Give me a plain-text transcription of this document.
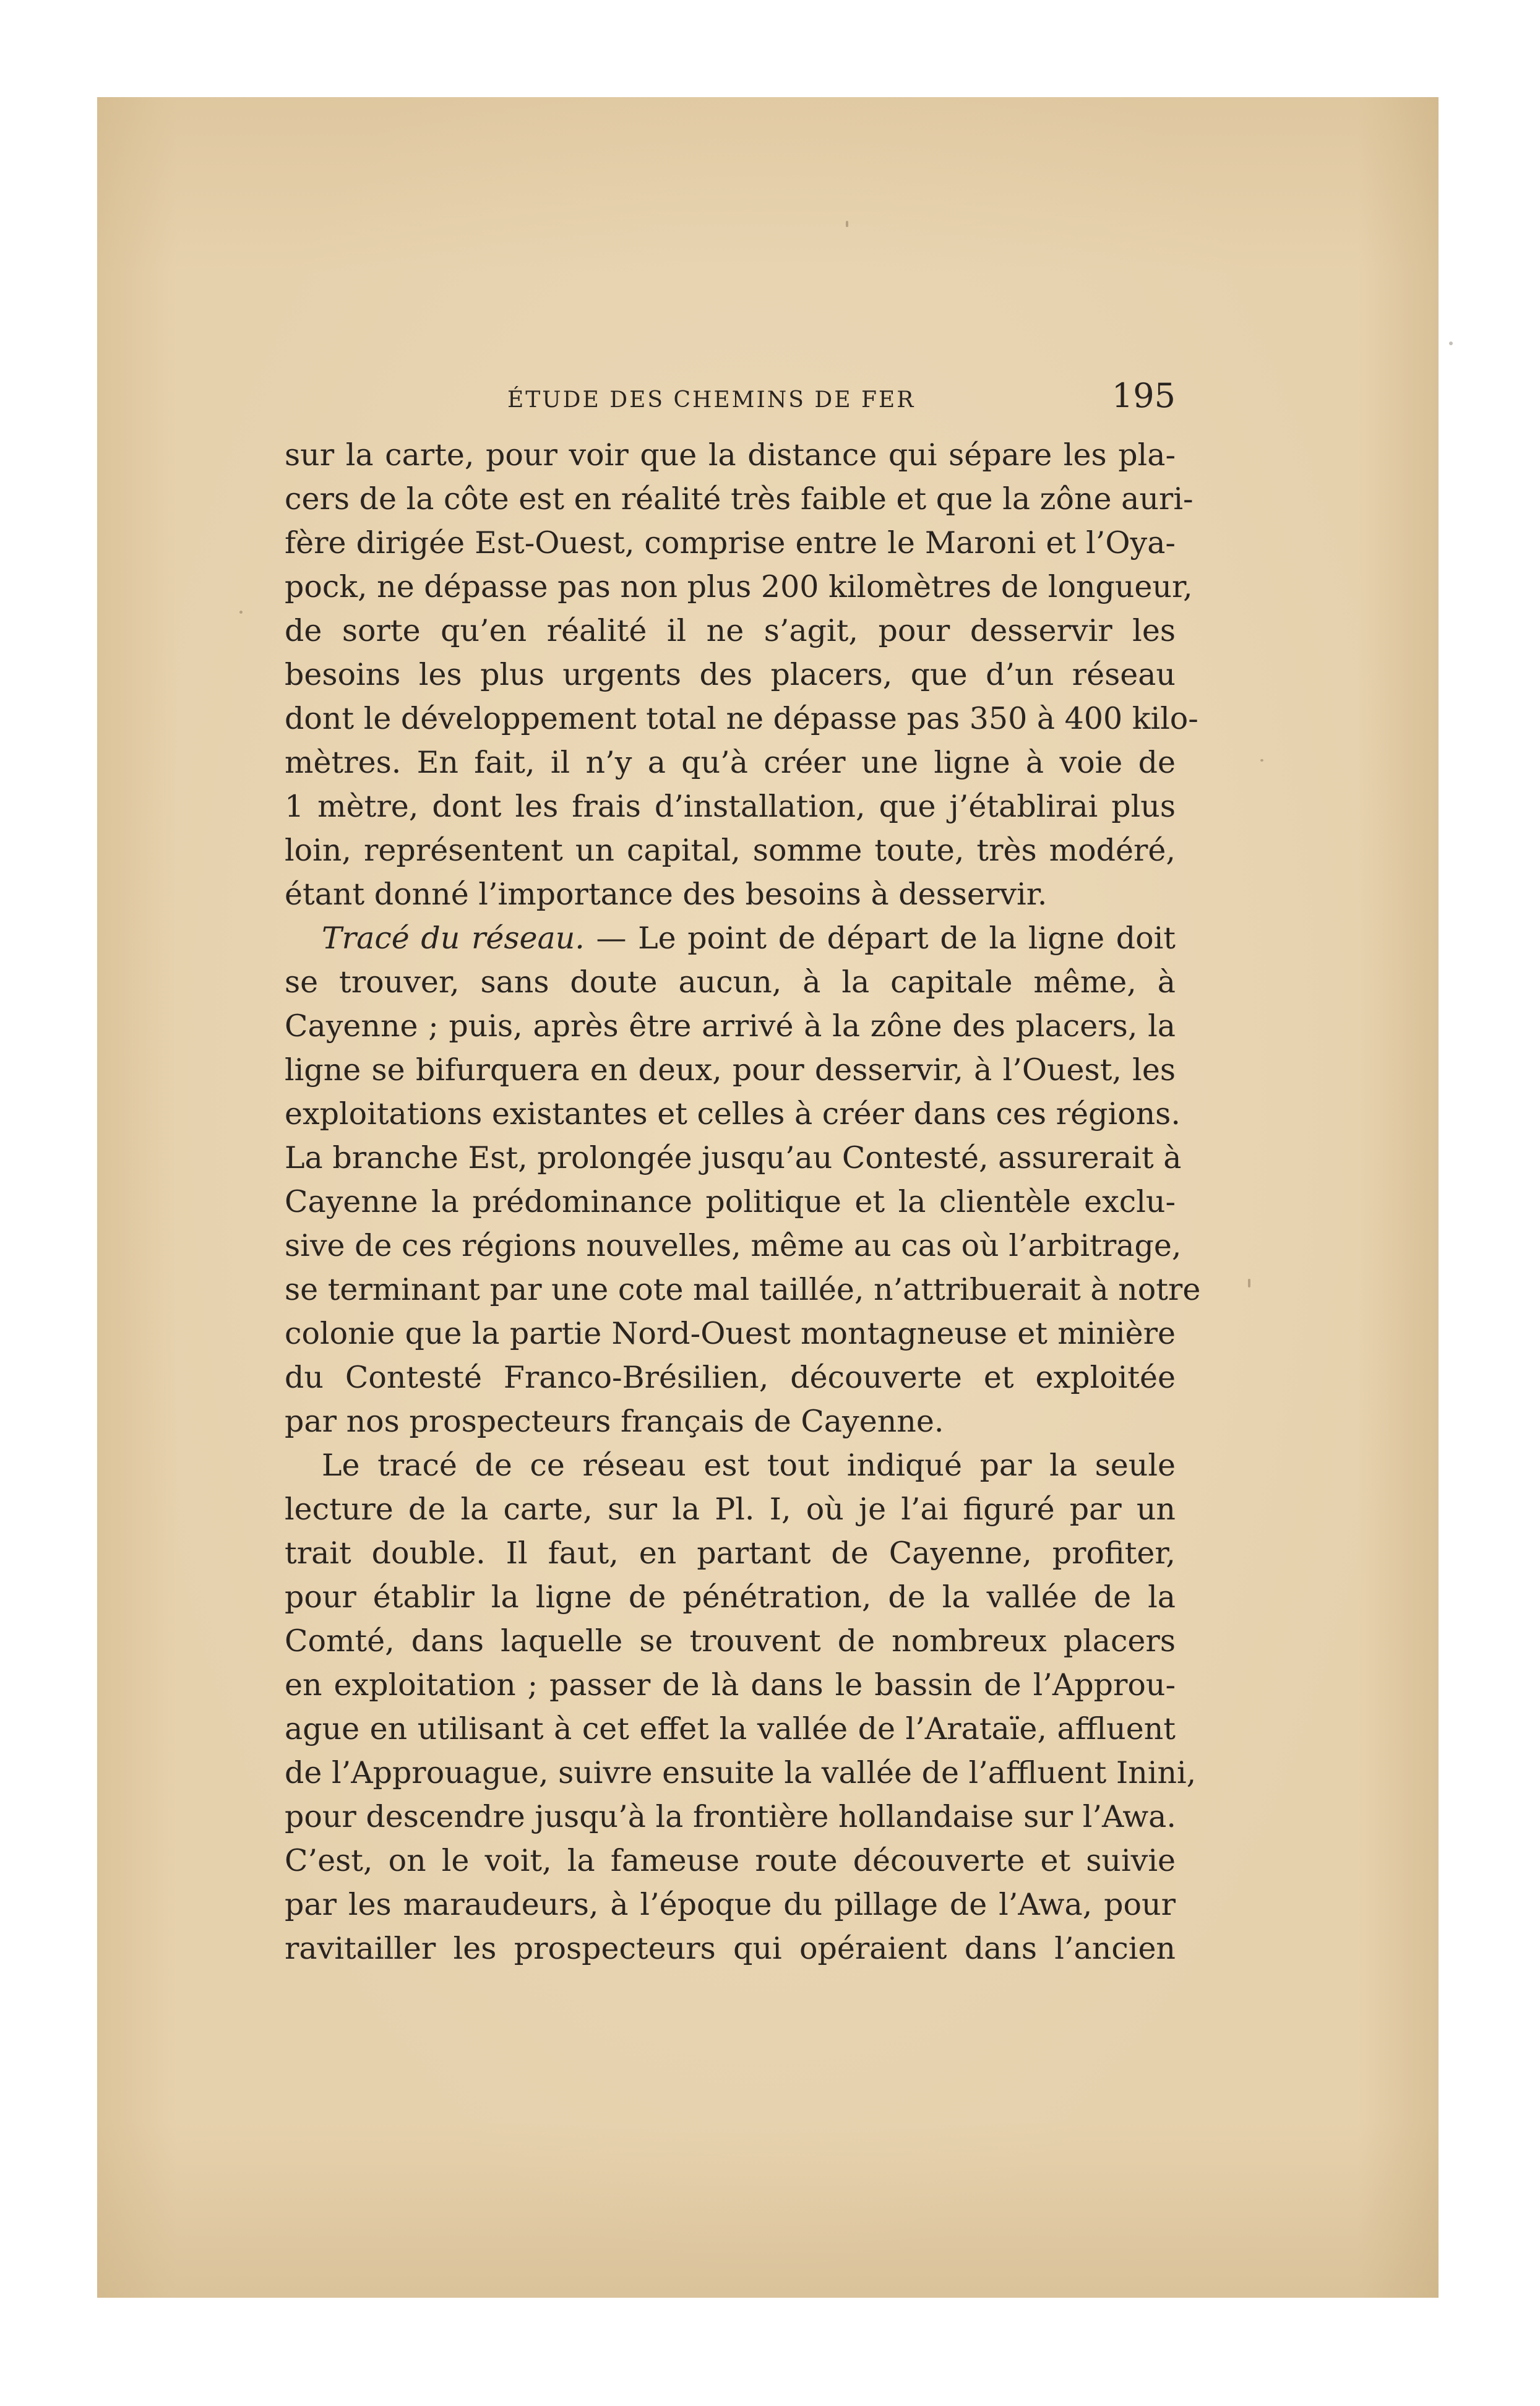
ÉTUDE DES CHEMINS DE FER	195
sur la carte, pour voir que la distance qui sépare les pla-
cers de la côte est en réalité très faible et que la zône auri-
fère dirigée Est-Ouest, comprise entre le Maroni et l’Oya-
pock, ne dépasse pas non plus 200 kilomètres de longueur,
de sorte qu’en réalité il ne s’agit, pour desservir les
besoins les plus urgents des placers, que d’un réseau
dont le développement total ne dépasse pas 350 à 400 kilo-
mètres. En fait, il n’y a qu’à créer une ligne à voie de
1 mètre, dont les frais d’installation, que j’établirai plus
loin, représentent un capital, somme toute, très modéré,
étant donné l’importance des besoins à desservir.
Tracé du réseau. — Le point de départ de la ligne doit
se trouver, sans doute aucun, à la capitale même, à
Cayenne ; puis, après être arrivé à la zône des placers, la
ligne se bifurquera en deux, pour desservir, à l’Ouest, les
exploitations existantes et celles à créer dans ces régions.
La branche Est, prolongée jusqu’au Contesté, assurerait à
Cayenne la prédominance politique et la clientèle exclu-
sive de ces régions nouvelles, même au cas où l’arbitrage,
se terminant par une cote mal taillée, n’attribuerait à notre
colonie que la partie Nord-Ouest montagneuse et minière
du Contesté Franco-Brésilien, découverte et exploitée
par nos prospecteurs français de Cayenne.
Le tracé de ce réseau est tout indiqué par la seule
lecture de la carte, sur la Pl. I, où je l’ai figuré par un
trait double. Il faut, en partant de Cayenne, profiter,
pour établir la ligne de pénétration, de la vallée de la
Comté, dans laquelle se trouvent de nombreux placers
en exploitation ; passer de là dans le bassin de l’Approu-
ague en utilisant à cet effet la vallée de l’Arataïe, affluent
de l’Approuague, suivre ensuite la vallée de l’affluent Inini,
pour descendre jusqu’à la frontière hollandaise sur l’Awa.
C’est, on le voit, la fameuse route découverte et suivie
par les maraudeurs, à l’époque du pillage de l’Awa, pour
ravitailler les prospecteurs qui opéraient dans l’ancien
